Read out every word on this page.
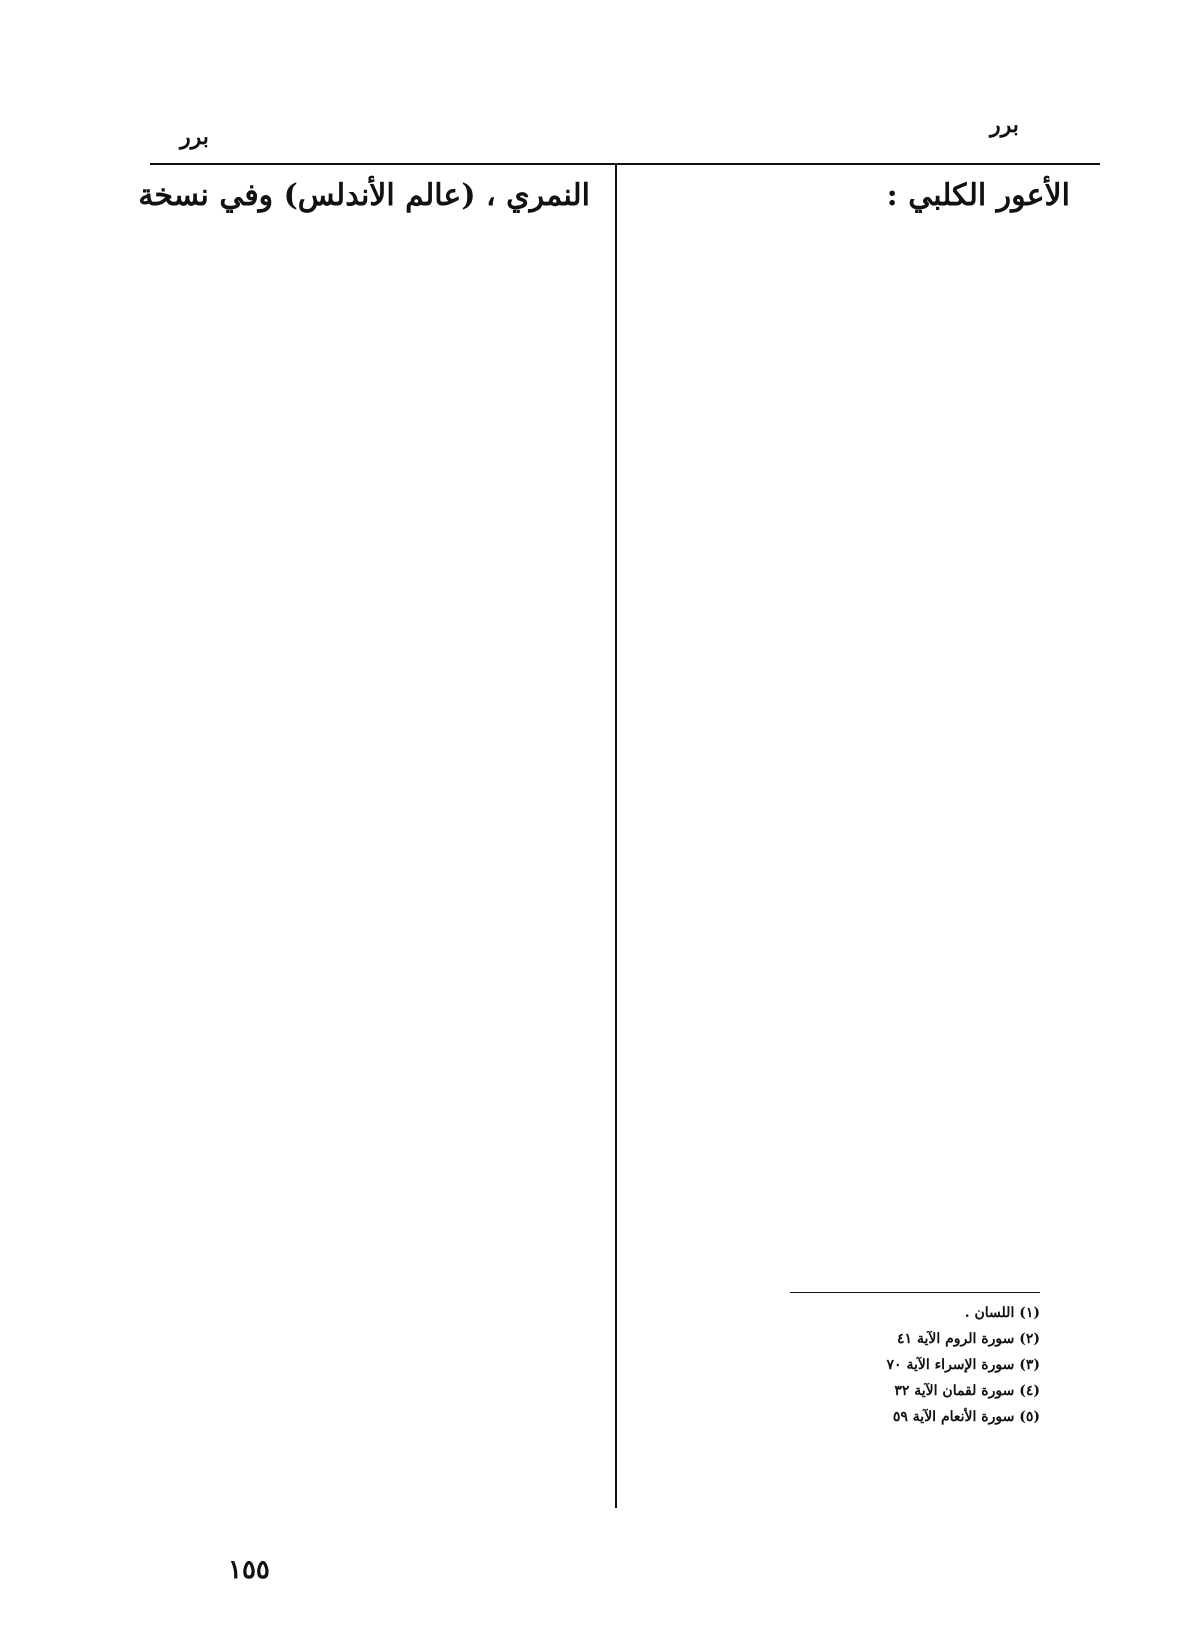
برر
برر
الأعور الكلبي :
النمري ، (عالم الأندلس) وفي نسخة
(١) اللسان .
(٢) سورة الروم الآية ٤١
(٣) سورة الإسراء الآية ٧٠
(٤) سورة لقمان الآية ٣٢
(٥) سورة الأنعام الآية ٥٩
١٥٥
